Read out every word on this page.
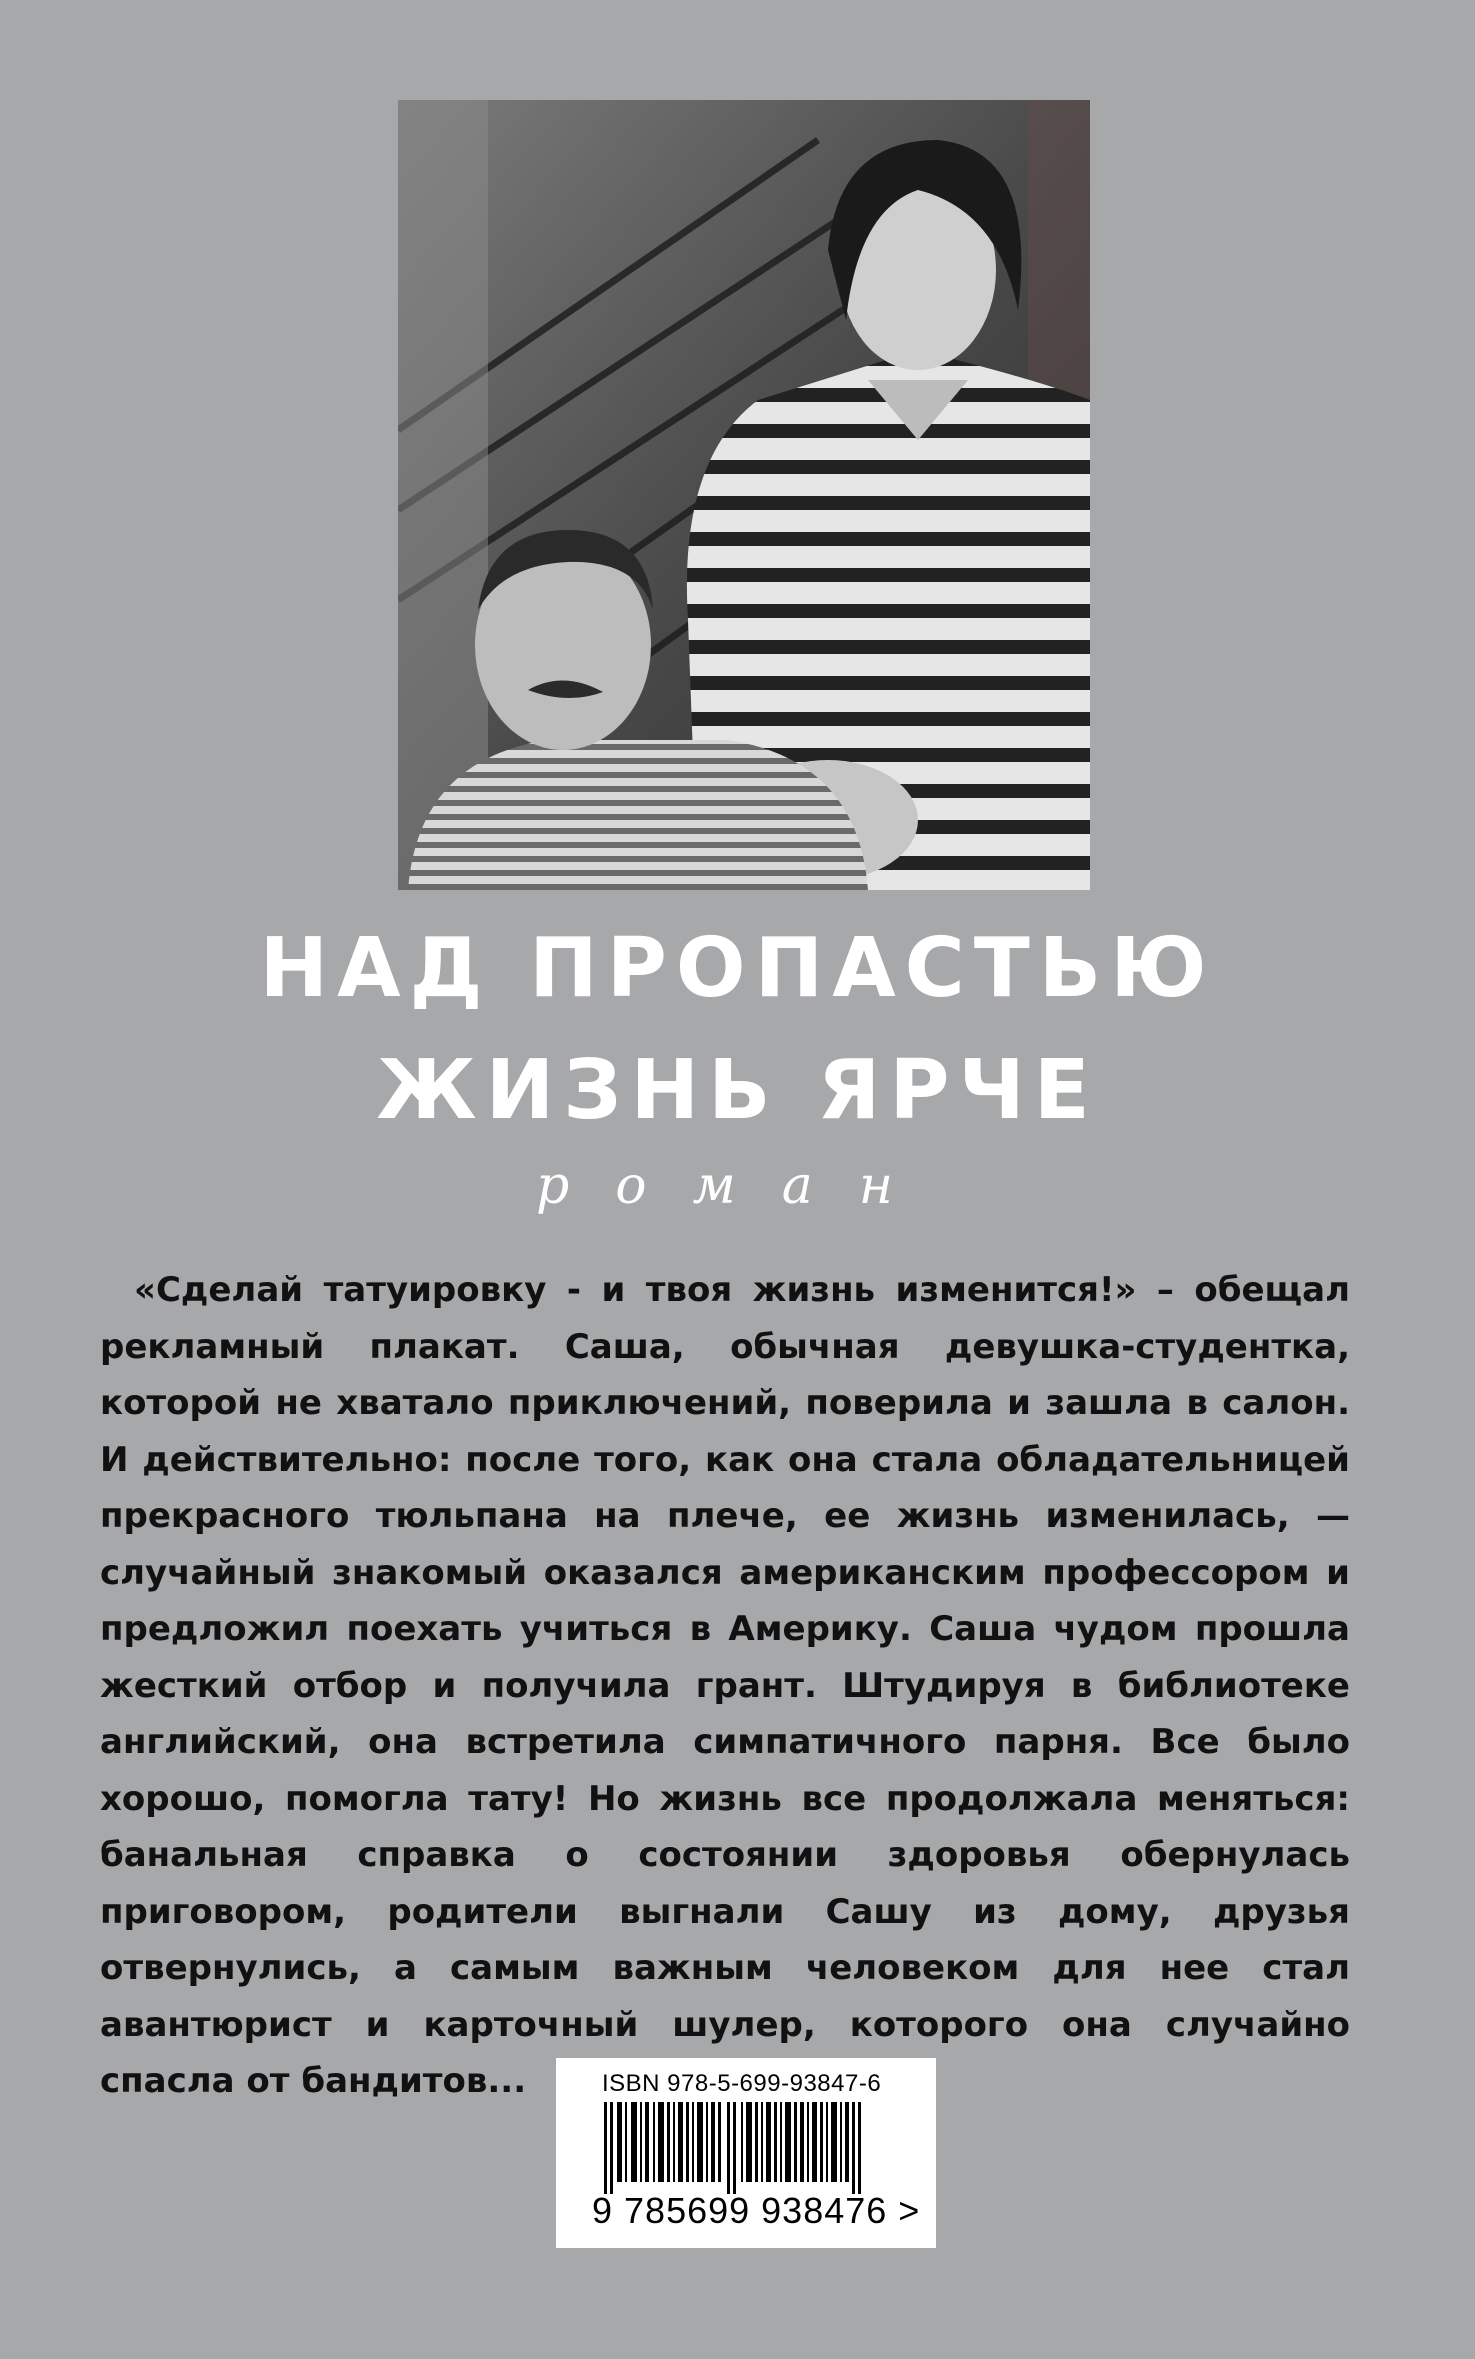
НАД ПРОПАСТЬЮ
ЖИЗНЬ ЯРЧЕ
роман

«Сделай татуировку - и твоя жизнь изменится!» – обещал рекламный плакат. Саша, обычная девушка-студентка, которой не хватало приключений, поверила и зашла в салон. И действительно: после того, как она стала обладательницей прекрасного тюльпана на плече, ее жизнь изменилась, — случайный знакомый оказался американским профессором и предложил поехать учиться в Америку. Саша чудом прошла жесткий отбор и получила грант. Штудируя в библиотеке английский, она встретила симпатичного парня. Все было хорошо, помогла тату! Но жизнь все продолжала меняться: банальная справка о состоянии здоровья обернулась приговором, родители выгнали Сашу из дому, друзья отвернулись, а самым важным человеком для нее стал авантюрист и карточный шулер, которого она случайно спасла от бандитов...	ISBN 978-5-699-93847-6
9 785699 938476 >
